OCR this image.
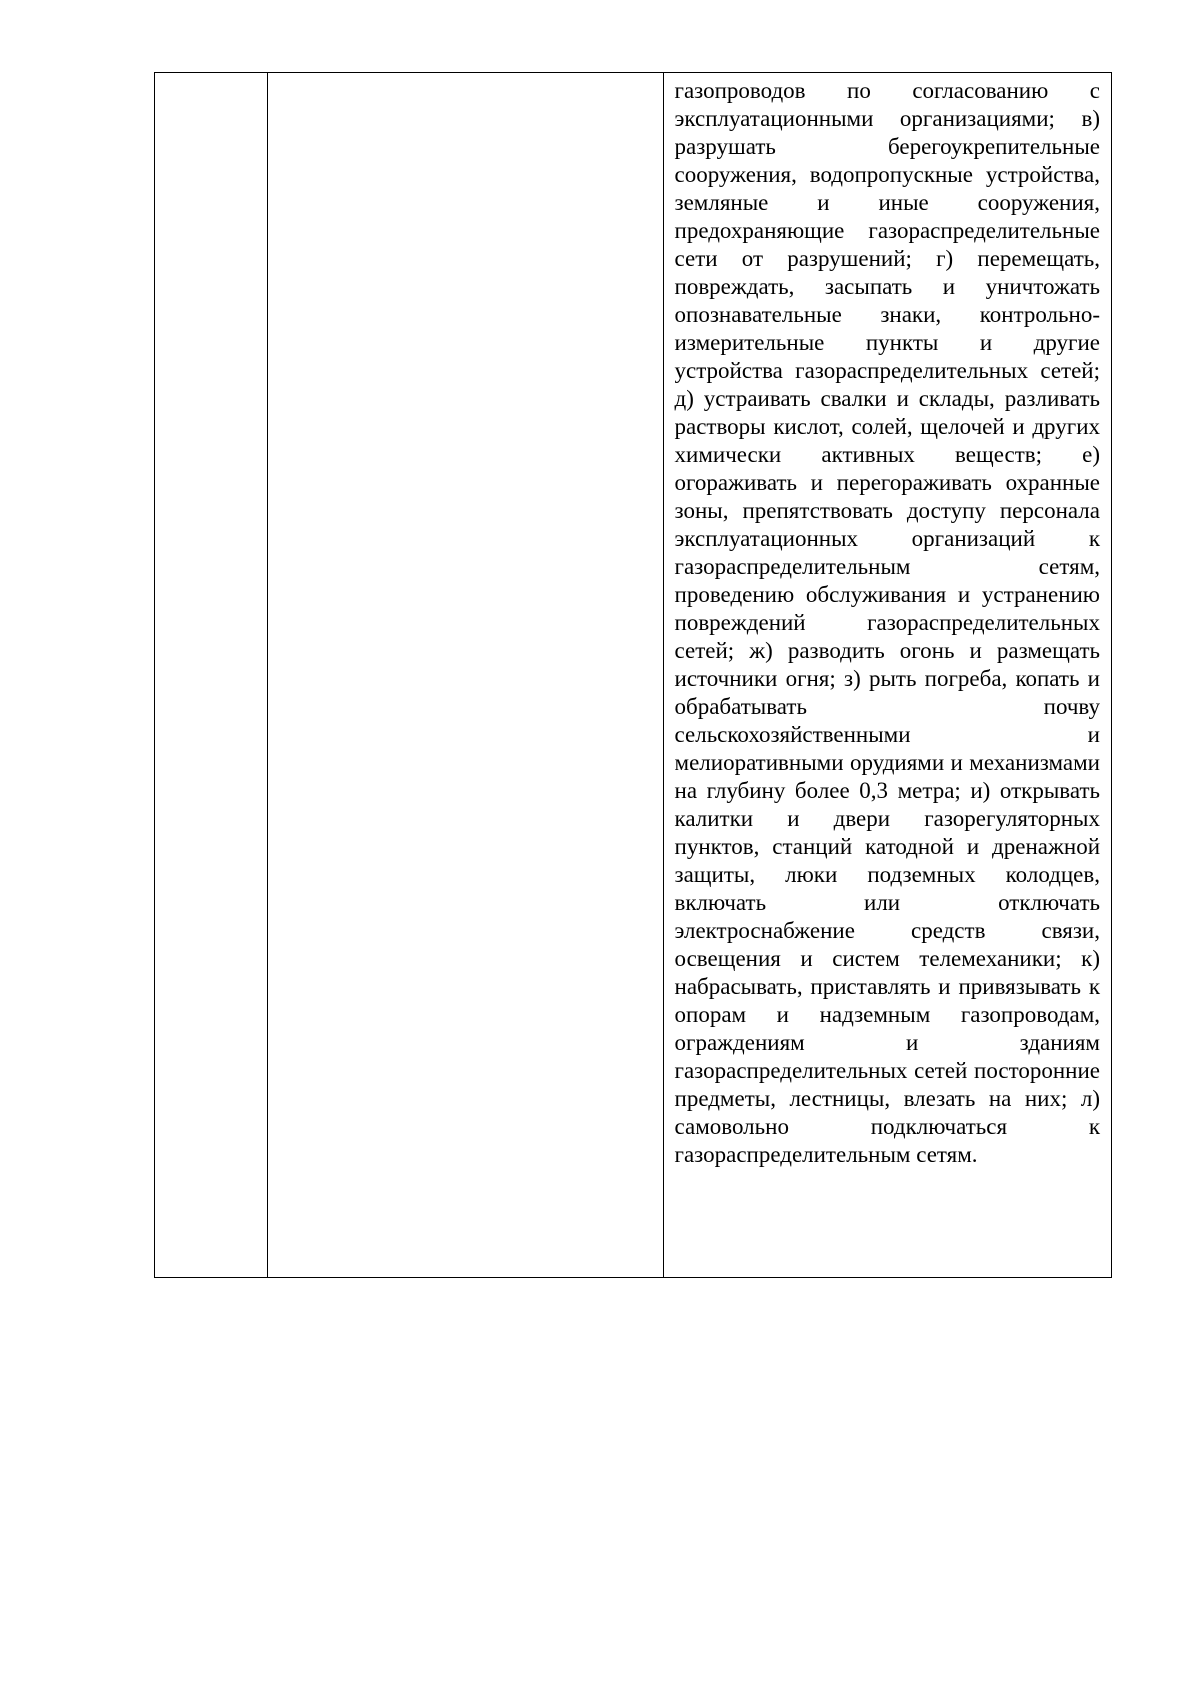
газопроводов по согласованию с эксплуатационными организациями; в) разрушать берегоукрепительные сооружения, водопропускные устройства, земляные и иные сооружения, предохраняющие газораспределительные сети от разрушений; г) перемещать, повреждать, засыпать и уничтожать опознавательные знаки, контрольно-измерительные пункты и другие устройства газораспределительных сетей; д) устраивать свалки и склады, разливать растворы кислот, солей, щелочей и других химически активных веществ; е) огораживать и перегораживать охранные зоны, препятствовать доступу персонала эксплуатационных организаций к газораспределительным сетям, проведению обслуживания и устранению повреждений газораспределительных сетей; ж) разводить огонь и размещать источники огня; з) рыть погреба, копать и обрабатывать почву сельскохозяйственными и мелиоративными орудиями и механизмами на глубину более 0,3 метра; и) открывать калитки и двери газорегуляторных пунктов, станций катодной и дренажной защиты, люки подземных колодцев, включать или отключать электроснабжение средств связи, освещения и систем телемеханики; к) набрасывать, приставлять и привязывать к опорам и надземным газопроводам, ограждениям и зданиям газораспределительных сетей посторонние предметы, лестницы, влезать на них; л) самовольно подключаться к газораспределительным сетям.
